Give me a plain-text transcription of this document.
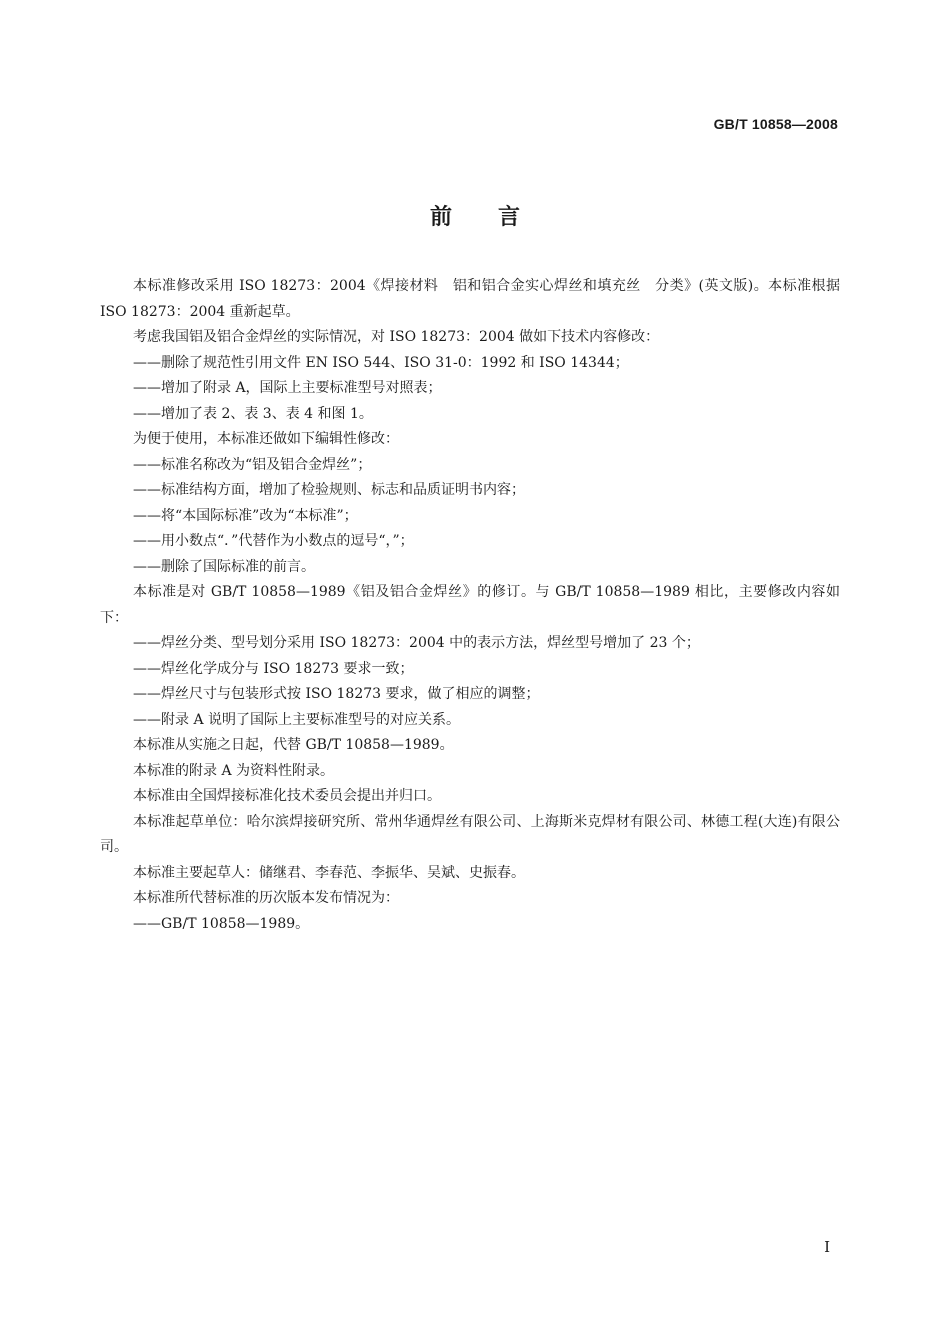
GB/T 10858—2008
前言

本标准修改采用 ISO 18273：2004《焊接材料　铝和铝合金实心焊丝和填充丝　分类》(英文版)。本标准根据 ISO 18273：2004 重新起草。

考虑我国铝及铝合金焊丝的实际情况，对 ISO 18273：2004 做如下技术内容修改：

——删除了规范性引用文件 EN ISO 544、ISO 31-0：1992 和 ISO 14344；

——增加了附录 A，国际上主要标准型号对照表；

——增加了表 2、表 3、表 4 和图 1。

为便于使用，本标准还做如下编辑性修改：

——标准名称改为“铝及铝合金焊丝”；

——标准结构方面，增加了检验规则、标志和品质证明书内容；

——将“本国际标准”改为“本标准”；

——用小数点“．”代替作为小数点的逗号“，”；

——删除了国际标准的前言。

本标准是对 GB/T 10858—1989《铝及铝合金焊丝》的修订。与 GB/T 10858—1989 相比，主要修改内容如下：

——焊丝分类、型号划分采用 ISO 18273：2004 中的表示方法，焊丝型号增加了 23 个；

——焊丝化学成分与 ISO 18273 要求一致；

——焊丝尺寸与包装形式按 ISO 18273 要求，做了相应的调整；

——附录 A 说明了国际上主要标准型号的对应关系。

本标准从实施之日起，代替 GB/T 10858—1989。

本标准的附录 A 为资料性附录。

本标准由全国焊接标准化技术委员会提出并归口。

本标准起草单位：哈尔滨焊接研究所、常州华通焊丝有限公司、上海斯米克焊材有限公司、林德工程(大连)有限公司。

本标准主要起草人：储继君、李春范、李振华、吴斌、史振春。

本标准所代替标准的历次版本发布情况为：

——GB/T 10858—1989。

I
